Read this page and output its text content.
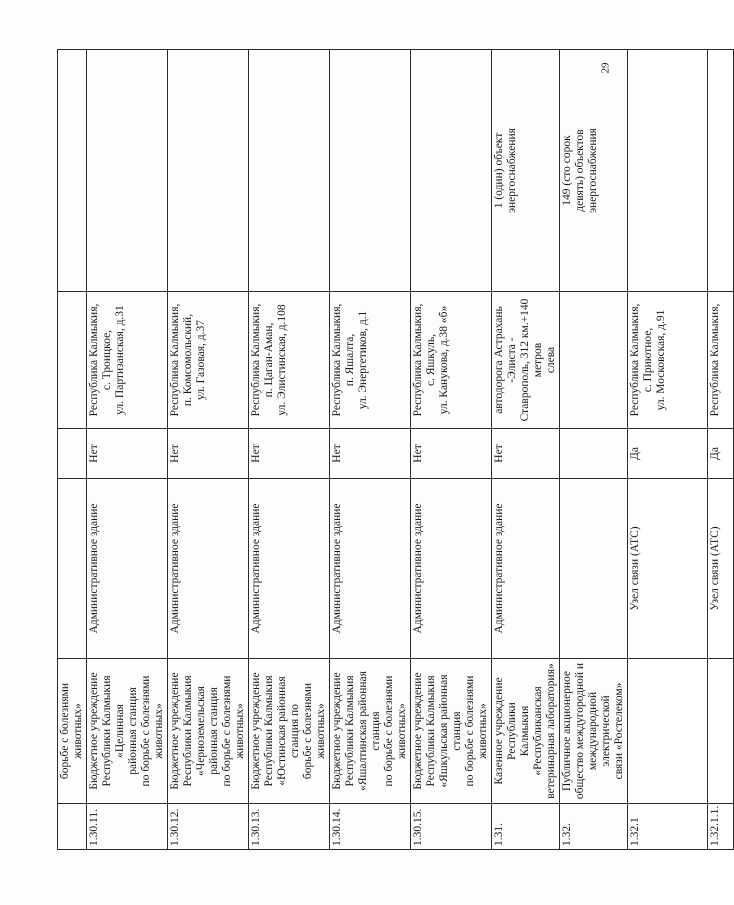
	борьбе с болезнями животных»				
1.30.11.	Бюджетное учреждение
Республики Калмыкия «Целинная
районная станция
по борьбе с болезнями животных»	Административное здание	Нет	Республика Калмыкия,
с. Троицкое,
ул. Партизанская, д.31	
1.30.12.	Бюджетное учреждение
Республики Калмыкия
«Черноземельская
районная станция
по борьбе с болезнями животных»	Административное здание	Нет	Республика Калмыкия,
п. Комсомольский,
ул. Газовая, д.37	
1.30.13.	Бюджетное учреждение
Республики Калмыкия
«Юстинская районная станция по
борьбе с болезнями животных»	Административное здание	Нет	Республика Калмыкия,
п. Цаган-Аман,
ул. Элистинская, д.108	
1.30.14.	Бюджетное учреждение
Республики Калмыкия
«Яшалтинская районная станция
по борьбе с болезнями животных»	Административное здание	Нет	Республика Калмыкия,
п. Яшалта,
ул. Энергетиков, д.1	
1.30.15.	Бюджетное учреждение
Республики Калмыкия
«Яшкульская районная станция
по борьбе с болезнями животных»	Административное здание	Нет	Республика Калмыкия,
с. Яшкуль,
ул. Канукова, д.38 «б»	
1.31.	Казенное учреждение Республики
Калмыкия «Республиканская
ветеринарная лаборатория»	Административное здание	Нет	автодорога Астрахань -Элиста -
Ставрополь, 312 км.+140 метров
слева	1 (один) объект
энергоснабжения
1.32.	Публичное акционерное
общество междугородной и
международной электрической
связи «Ростелеком»				149 (сто сорок
девять) объектов
энергоснабжения
1.32.1		Узел связи (АТС)	Да	Республика Калмыкия,
с. Приютное,
ул. Московская, д.91	
1.32.1.1.		Узел связи (АТС)	Да	Республика Калмыкия,	
29
